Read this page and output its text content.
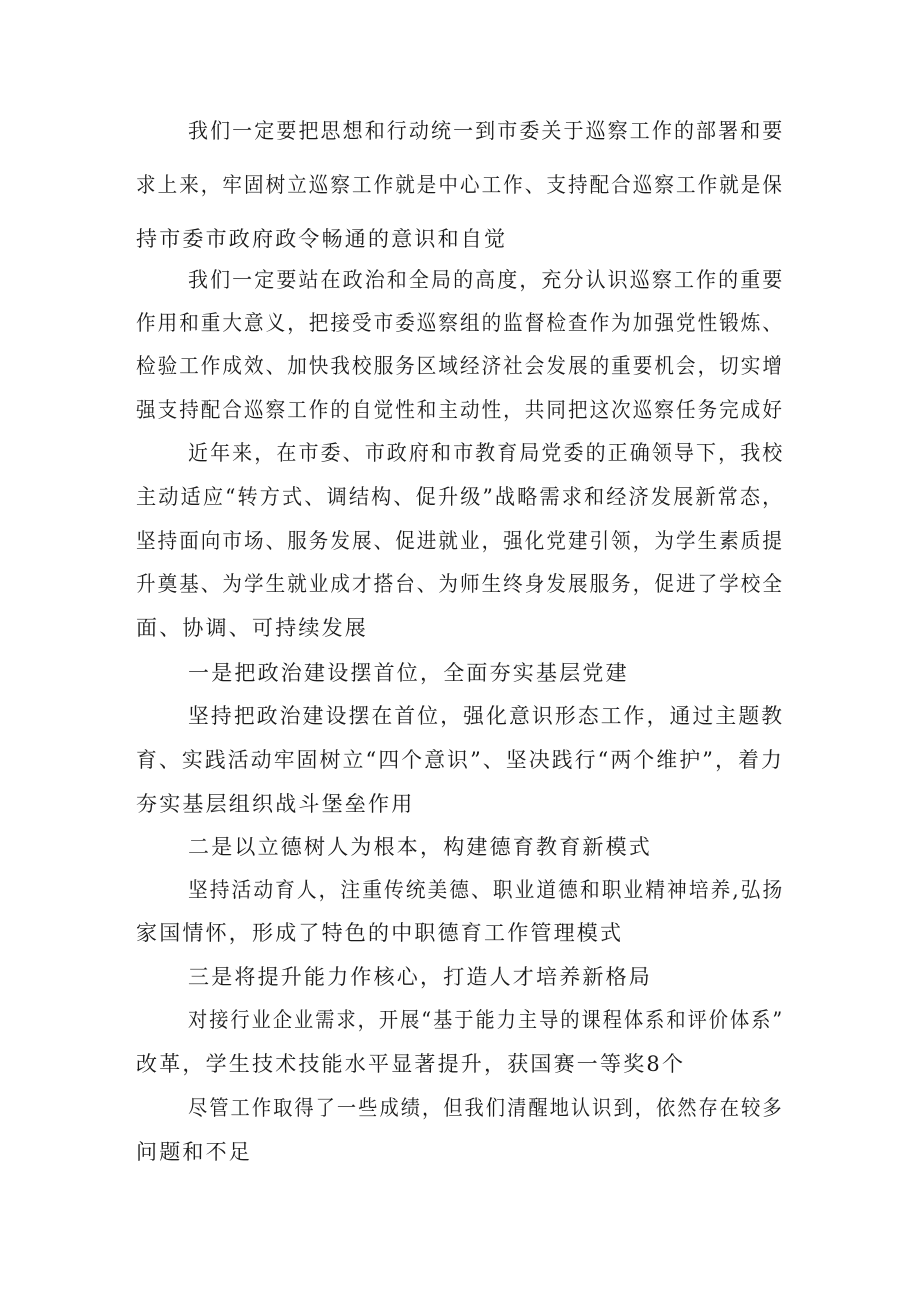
我们一定要把思想和行动统一到市委关于巡察工作的部署和要
求上来，牢固树立巡察工作就是中心工作、支持配合巡察工作就是保
持市委市政府政令畅通的意识和自觉
我们一定要站在政治和全局的高度，充分认识巡察工作的重要
作用和重大意义，把接受市委巡察组的监督检查作为加强党性锻炼、
检验工作成效、加快我校服务区域经济社会发展的重要机会，切实增
强支持配合巡察工作的自觉性和主动性，共同把这次巡察任务完成好
近年来，在市委、市政府和市教育局党委的正确领导下，我校
主动适应“转方式、调结构、促升级”战略需求和经济发展新常态，
坚持面向市场、服务发展、促进就业，强化党建引领，为学生素质提
升奠基、为学生就业成才搭台、为师生终身发展服务，促进了学校全
面、协调、可持续发展
一是把政治建设摆首位，全面夯实基层党建
坚持把政治建设摆在首位，强化意识形态工作，通过主题教
育、实践活动牢固树立“四个意识”、坚决践行“两个维护”，着力
夯实基层组织战斗堡垒作用
二是以立德树人为根本，构建德育教育新模式
坚持活动育人，注重传统美德、职业道德和职业精神培养,弘扬
家国情怀，形成了特色的中职德育工作管理模式
三是将提升能力作核心，打造人才培养新格局
对接行业企业需求，开展“基于能力主导的课程体系和评价体系”
改革，学生技术技能水平显著提升，获国赛一等奖8个
尽管工作取得了一些成绩，但我们清醒地认识到，依然存在较多
问题和不足
